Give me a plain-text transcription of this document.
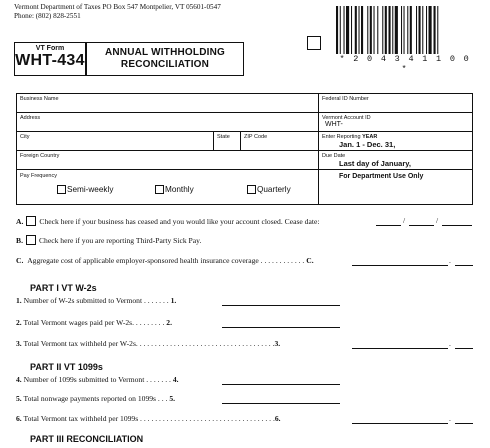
Vermont Department of Taxes PO Box 547 Montpelier, VT 05601-0547
Phone: (802) 828-2551
VT Form
WHT-434	ANNUAL WITHHOLDING
RECONCILIATION	* 2 0 4 3 4 1 1 0 0 *
Business Name	Federal ID Number
Address	Vermont Account ID
WHT-
City	State	ZIP Code	Enter Reporting YEAR
Jan. 1 - Dec. 31,
Foreign Country	Due Date
Last day of January,
Pay Frequency
Semi-weekly	Monthly	Quarterly
For Department Use Only
A. Check here if your business has ceased and you would like your account closed. Cease date:	/	/
B. Check here if you are reporting Third-Party Sick Pay.
C. Aggregate cost of applicable employer-sponsored health insurance coverage . . . . . . . . . . . . C.	.
PART I VT W-2s
1. Number of W-2s submitted to Vermont . . . . . . . 1.
2. Total Vermont wages paid per W-2s. . . . . . . . . 2.
3. Total Vermont tax withheld per W-2s. . . . . . . . . . . . . . . . . . . . . . . . . . . . . . . . . . . . .3.	.
PART II VT 1099s
4. Number of 1099s submitted to Vermont . . . . . . . 4.
5. Total nonwage payments reported on 1099s . . . 5.
6. Total Vermont tax withheld per 1099s . . . . . . . . . . . . . . . . . . . . . . . . . . . . . . . . . . . .6.	.
PART III RECONCILIATION
